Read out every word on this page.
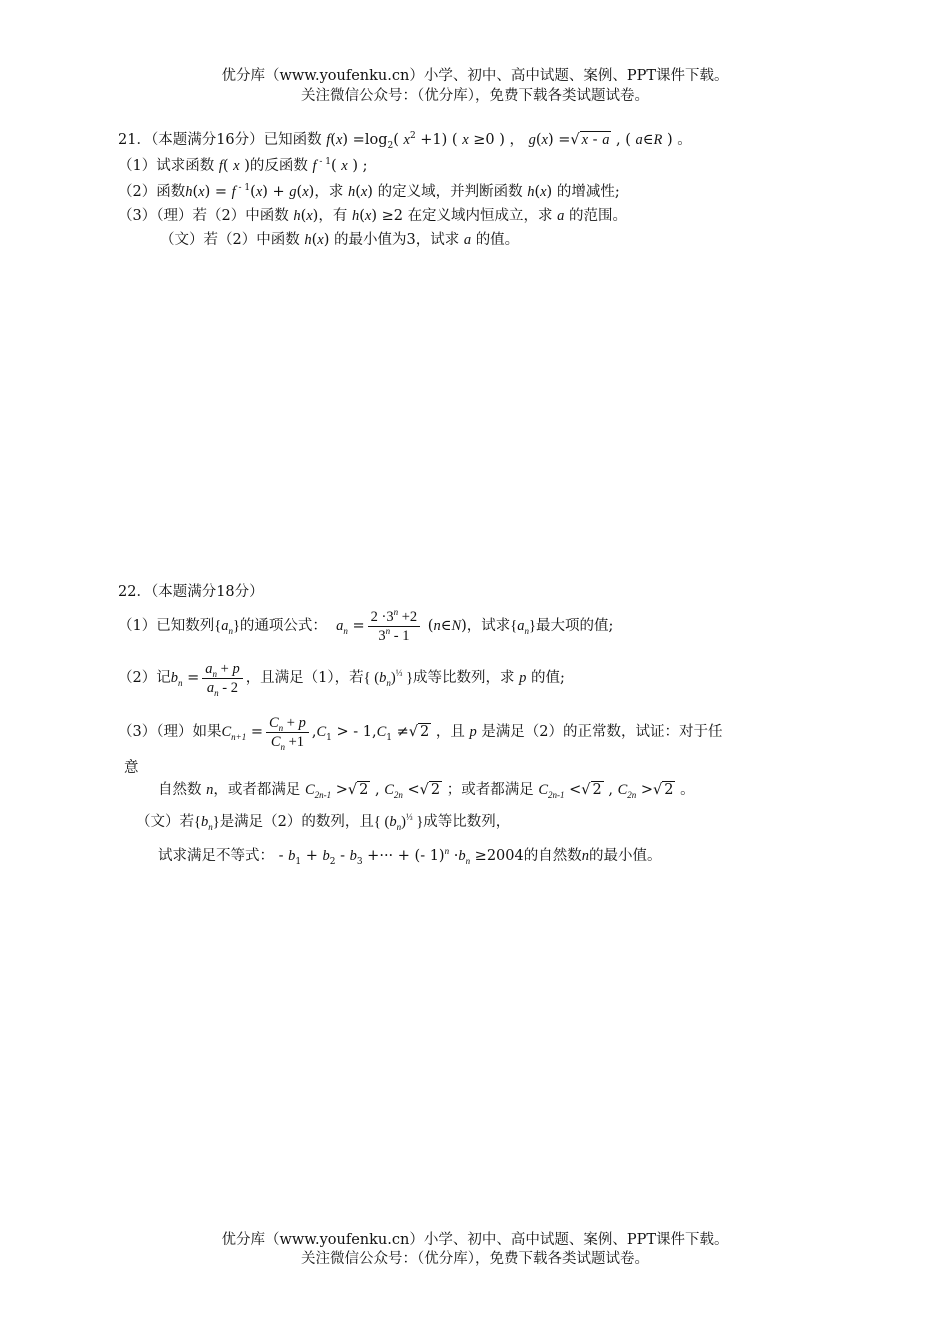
优分库（www.youfenku.cn）小学、初中、高中试题、案例、PPT课件下载。
关注微信公众号：（优分库），免费下载各类试题试卷。
21．（本题满分16分）已知函数 $f(x) =\log_2$( $x^2 +1$) ( x ≥0 ) ， g(x) =√ x - a , ( a∈R ) 。
（1）试求函数 f( x )的反函数 f $^{- 1}$( x ) ;
（2）函数h(x) = f $^{- 1}$(x) + g(x)，求 h(x) 的定义域，并判断函数 h(x) 的增减性;
（3）（理）若（2）中函数 h(x)，有 h(x) ≥2 在定义域内恒成立，求 a 的范围。
（文）若（2）中函数 h(x) 的最小值为3，试求 a 的值。
22．（本题满分18分）
（1）已知数列$\{a_n\}$的通项公式： $a_n = \frac{2 \cdot 3^n +2}{3^n - 1}$ (n∈N)，试求$\{a_n\}$最大项的值;
（2）记$b_n = \frac{a_n + p}{a_n - 2}$ ，且满足（1），若{ $(b_n)^{\frac{1}{3}}$ }成等比数列，求 p 的值;
（3）（理）如果$C_{n+1} = \frac{C_n + p}{C_n +1} ,C_1$ > - $1,C_1$ ≠√ 2 ，且 p 是满足（2）的正常数，试证：对于任
意
自然数 n，或者都满足 $C_{2n-1}$ >√ 2 , $C_{2n}$ <√ 2 ；或者都满足 $C_{2n-1}$ <√ 2 , $C_{2n}$ >√ 2 。
（文）若$\{b_n\}$是满足（2）的数列，且{ $(b_n)^{\frac{1}{3}}$ }成等比数列，
试求满足不等式： - $b_1 + b_2 - b_3$ +··· + (- $1)^n \cdot b_n \ge 2004$的自然数n的最小值。
优分库（www.youfenku.cn）小学、初中、高中试题、案例、PPT课件下载。
关注微信公众号：（优分库），免费下载各类试题试卷。
